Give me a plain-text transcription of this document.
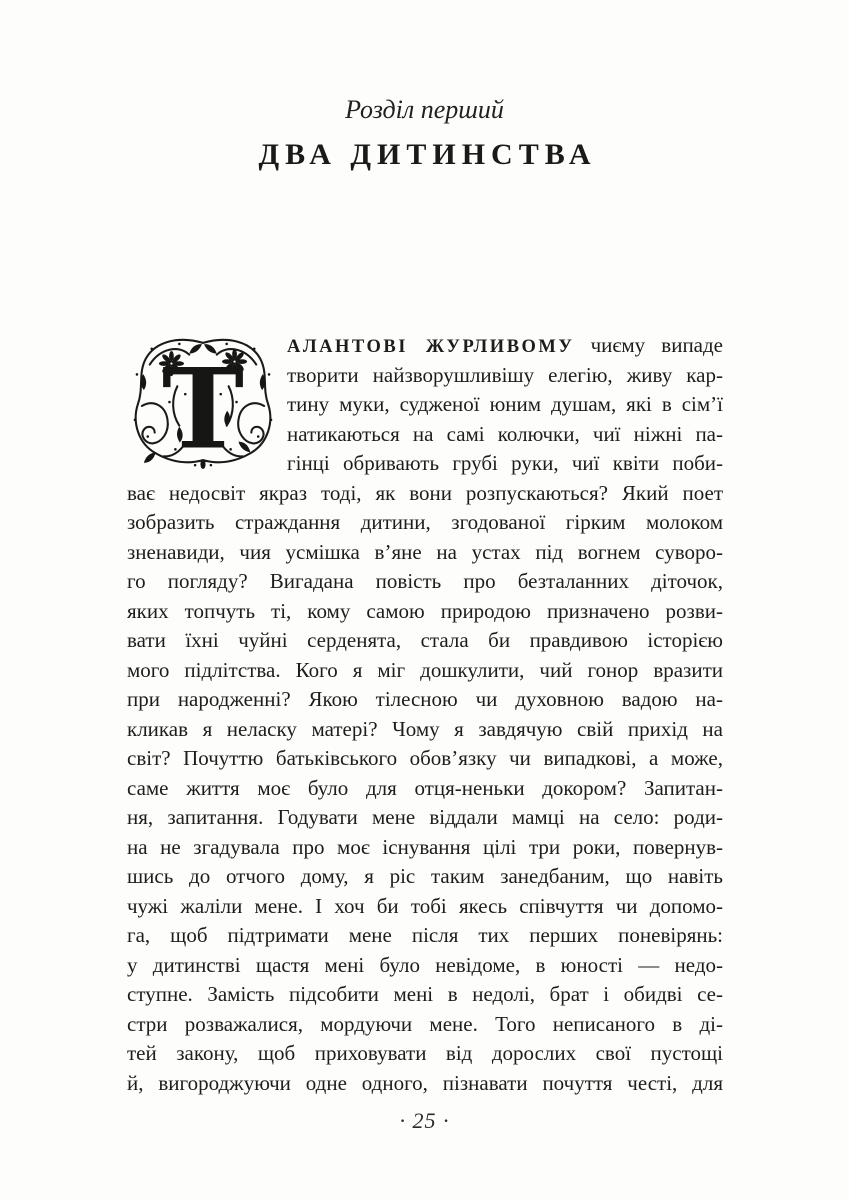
Розділ перший
ДВА ДИТИНСТВА
Т АЛАНТОВІ ЖУРЛИВОМУ чиєму випаде
творити найзворушливішу елегію, живу кар-
тину муки, судженої юним душам, які в сім’ї
натикаються на самі колючки, чиї ніжні па-
гінці обривають грубі руки, чиї квіти поби-
ває недосвіт якраз тоді, як вони розпускаються? Який поет
зобразить страждання дитини, згодованої гірким молоком
зненавиди, чия усмішка в’яне на устах під вогнем суворо-
го погляду? Вигадана повість про безталанних діточок,
яких топчуть ті, кому самою природою призначено розви-
вати їхні чуйні серденята, стала би правдивою історією
мого підлітства. Кого я міг дошкулити, чий гонор вразити
при народженні? Якою тілесною чи духовною вадою на-
кликав я неласку матері? Чому я завдячую свій прихід на
світ? Почуттю батьківського обов’язку чи випадкові, а може,
саме життя моє було для отця-неньки докором? Запитан-
ня, запитання. Годувати мене віддали мамці на село: роди-
на не згадувала про моє існування цілі три роки, повернув-
шись до отчого дому, я ріс таким занедбаним, що навіть
чужі жаліли мене. І хоч би тобі якесь співчуття чи допомо-
га, щоб підтримати мене після тих перших поневірянь:
у дитинстві щастя мені було невідоме, в юності — недо-
ступне. Замість підсобити мені в недолі, брат і обидві се-
стри розважалися, мордуючи мене. Того неписаного в ді-
тей закону, щоб приховувати від дорослих свої пустощі
й, вигороджуючи одне одного, пізнавати почуття честі, для
· 25 ·
